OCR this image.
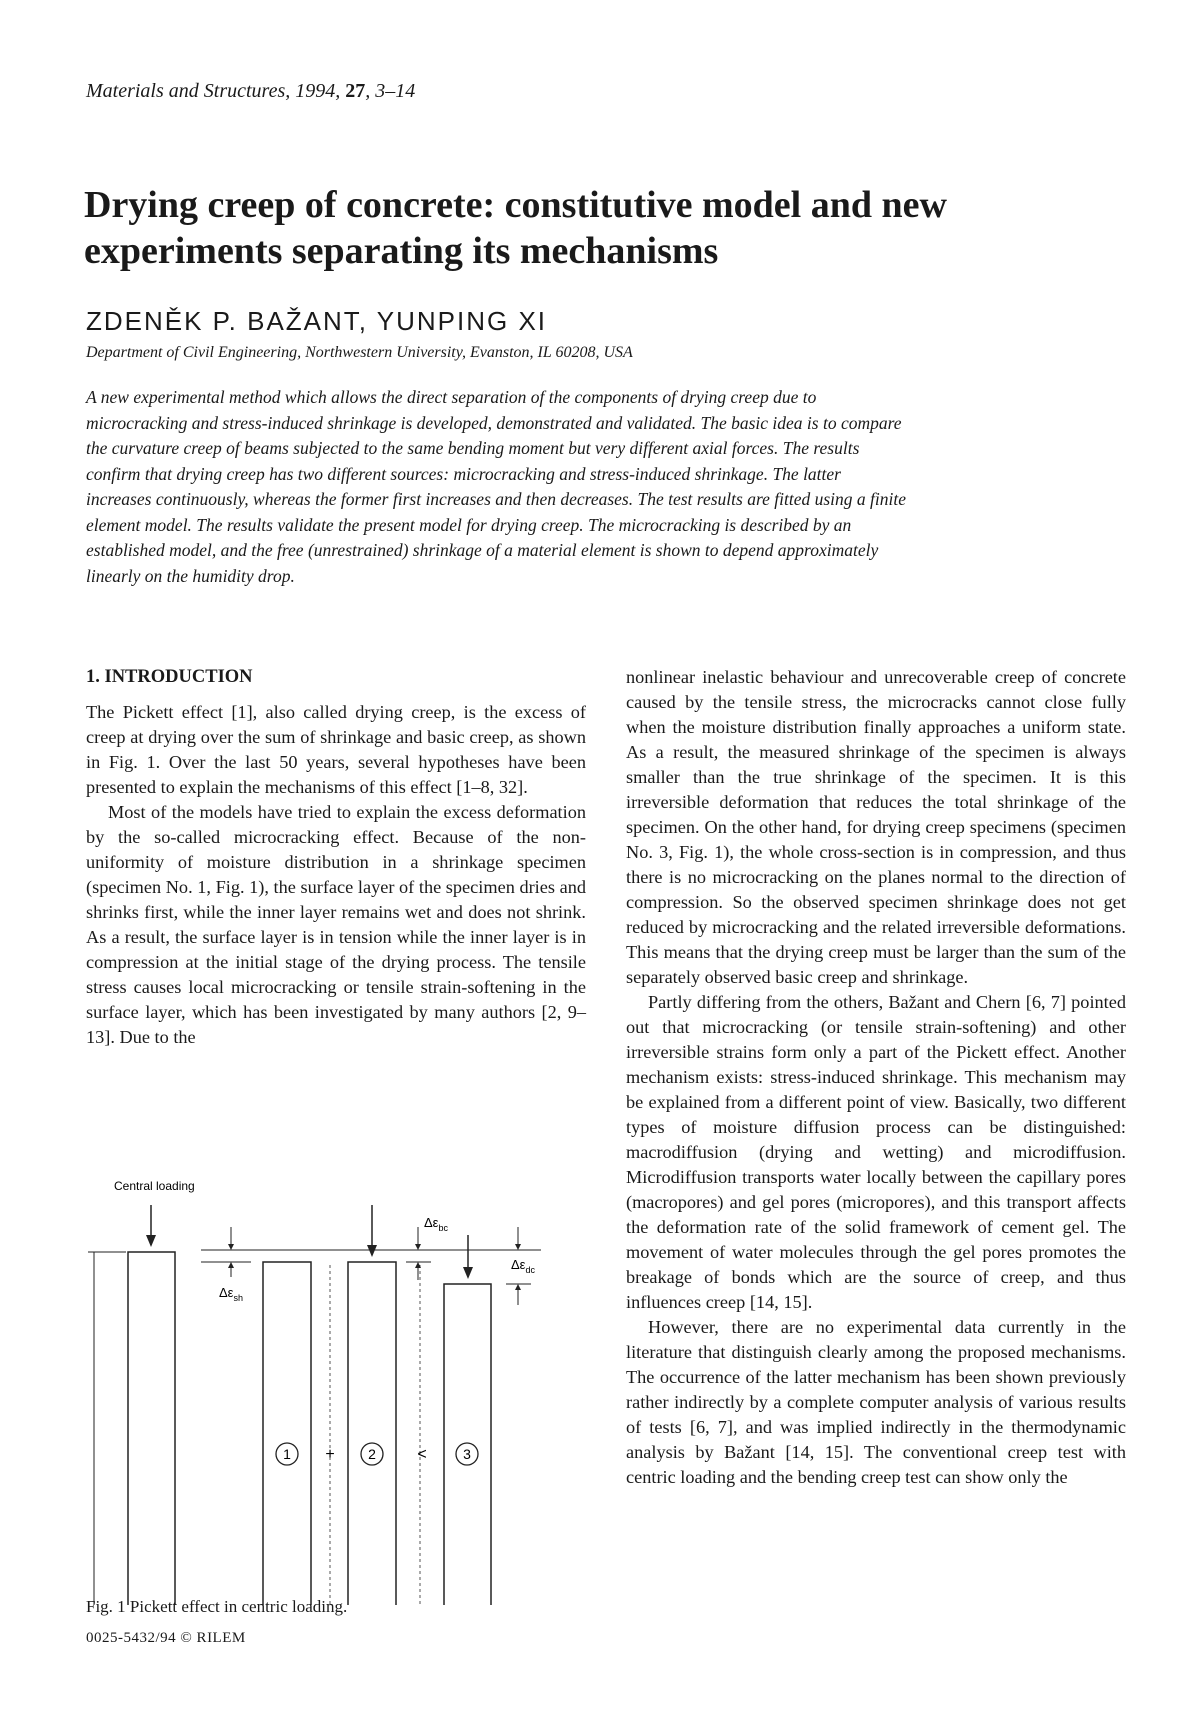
Materials and Structures, 1994, 27, 3–14
Drying creep of concrete: constitutive model and new experiments separating its mechanisms
ZDENĚK P. BAŽANT, YUNPING XI
Department of Civil Engineering, Northwestern University, Evanston, IL 60208, USA

A new experimental method which allows the direct separation of the components of drying creep due to microcracking and stress-induced shrinkage is developed, demonstrated and validated. The basic idea is to compare the curvature creep of beams subjected to the same bending moment but very different axial forces. The results confirm that drying creep has two different sources: microcracking and stress-induced shrinkage. The latter increases continuously, whereas the former first increases and then decreases. The test results are fitted using a finite element model. The results validate the present model for drying creep. The microcracking is described by an established model, and the free (unrestrained) shrinkage of a material element is shown to depend approximately linearly on the humidity drop.

1. INTRODUCTION

The Pickett effect [1], also called drying creep, is the excess of creep at drying over the sum of shrinkage and basic creep, as shown in Fig. 1. Over the last 50 years, several hypotheses have been presented to explain the mechanisms of this effect [1–8, 32].

Most of the models have tried to explain the excess deformation by the so-called microcracking effect. Because of the non-uniformity of moisture distribution in a shrinkage specimen (specimen No. 1, Fig. 1), the surface layer of the specimen dries and shrinks first, while the inner layer remains wet and does not shrink. As a result, the surface layer is in tension while the inner layer is in compression at the initial stage of the drying process. The tensile stress causes local microcracking or tensile strain-softening in the surface layer, which has been investigated by many authors [2, 9–13]. Due to the

nonlinear inelastic behaviour and unrecoverable creep of concrete caused by the tensile stress, the microcracks cannot close fully when the moisture distribution finally approaches a uniform state. As a result, the measured shrinkage of the specimen is always smaller than the true shrinkage of the specimen. It is this irreversible deformation that reduces the total shrinkage of the specimen. On the other hand, for drying creep specimens (specimen No. 3, Fig. 1), the whole cross-section is in compression, and thus there is no microcracking on the planes normal to the direction of compression. So the observed specimen shrinkage does not get reduced by microcracking and the related irreversible deformations. This means that the drying creep must be larger than the sum of the separately observed basic creep and shrinkage.

Partly differing from the others, Bažant and Chern [6, 7] pointed out that microcracking (or tensile strain-softening) and other irreversible strains form only a part of the Pickett effect. Another mechanism exists: stress-induced shrinkage. This mechanism may be explained from a different point of view. Basically, two different types of moisture diffusion process can be distinguished: macrodiffusion (drying and wetting) and microdiffusion. Microdiffusion transports water locally between the capillary pores (macropores) and gel pores (micropores), and this transport affects the deformation rate of the solid framework of cement gel. The movement of water molecules through the gel pores promotes the breakage of bonds which are the source of creep, and thus influences creep [14, 15].

However, there are no experimental data currently in the literature that distinguish clearly among the proposed mechanisms. The occurrence of the latter mechanism has been shown previously rather indirectly by a complete computer analysis of various results of tests [6, 7], and was implied indirectly in the thermodynamic analysis by Bažant [14, 15]. The conventional creep test with centric loading and the bending creep test can show only the

Central loading
$\Delta\varepsilon_{sh}$
$\Delta\varepsilon_{bc}$
$\Delta\varepsilon_{dc}$
1 + 2	<	3
Fig. 1 Pickett effect in centric loading.
0025-5432/94 © RILEM
